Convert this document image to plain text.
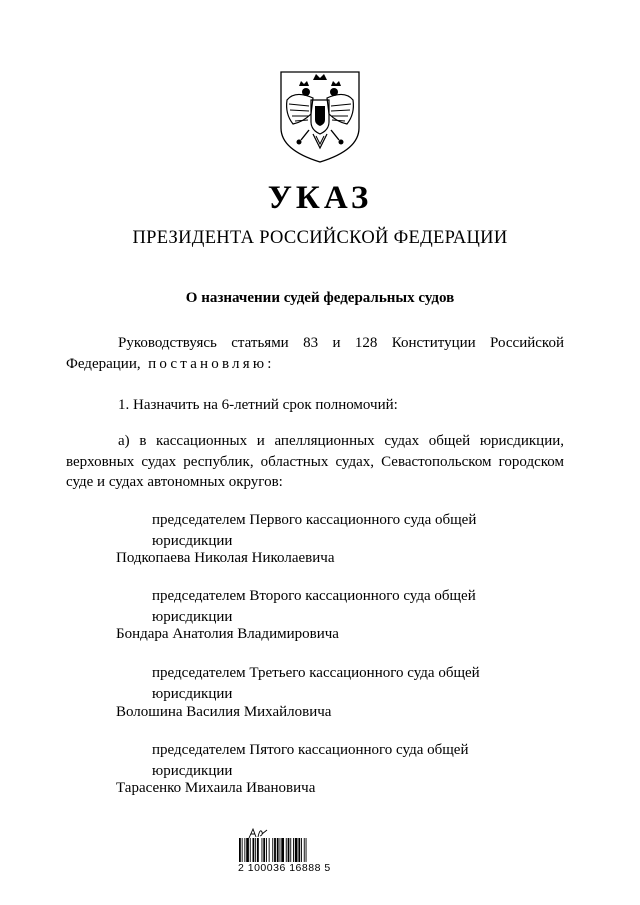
УКАЗ
ПРЕЗИДЕНТА РОССИЙСКОЙ ФЕДЕРАЦИИ
О назначении судей федеральных судов
Руководствуясь статьями 83 и 128 Конституции Российской
Федерации, постановляю:
1. Назначить на 6-летний срок полномочий:
а) в кассационных и апелляционных судах общей юрисдикции, верховных судах республик, областных судах, Севастопольском городском суде и судах автономных округов:
председателем Первого кассационного суда общей
юрисдикции
Подкопаева Николая Николаевича
председателем Второго кассационного суда общей
юрисдикции
Бондара Анатолия Владимировича
председателем Третьего кассационного суда общей
юрисдикции
Волошина Василия Михайловича
председателем Пятого кассационного суда общей
юрисдикции
Тарасенко Михаила Ивановича
2 100036 16888 5
